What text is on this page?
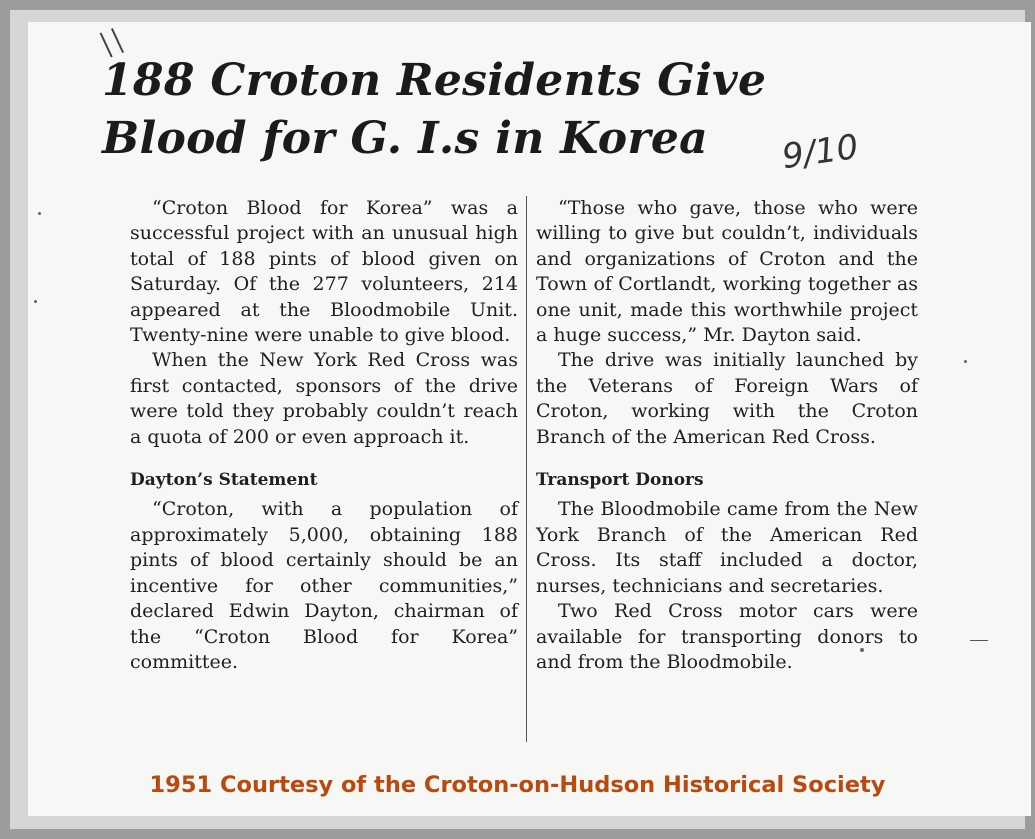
188 Croton Residents Give
Blood for G. I.s in Korea	9/10

“Croton Blood for Korea” was a successful project with an unusual high total of 188 pints of blood given on Saturday. Of the 277 volunteers, 214 appeared at the Bloodmobile Unit. Twenty-nine were unable to give blood.

When the New York Red Cross was first contacted, sponsors of the drive were told they probably couldn’t reach a quota of 200 or even approach it.

Dayton’s Statement

“Croton, with a population of approximately 5,000, obtaining 188 pints of blood certainly should be an incentive for other communities,” declared Edwin Dayton, chairman of the “Croton Blood for Korea” committee.

“Those who gave, those who were willing to give but couldn’t, individuals and organizations of Croton and the Town of Cortlandt, working together as one unit, made this worthwhile project a huge success,” Mr. Dayton said.

The drive was initially launched by the Veterans of Foreign Wars of Croton, working with the Croton Branch of the American Red Cross.

Transport Donors

The Bloodmobile came from the New York Branch of the American Red Cross. Its staff included a doctor, nurses, technicians and secretaries.

Two Red Cross motor cars were available for transporting donors to and from the Bloodmobile.

1951 Courtesy of the Croton-on-Hudson Historical Society
